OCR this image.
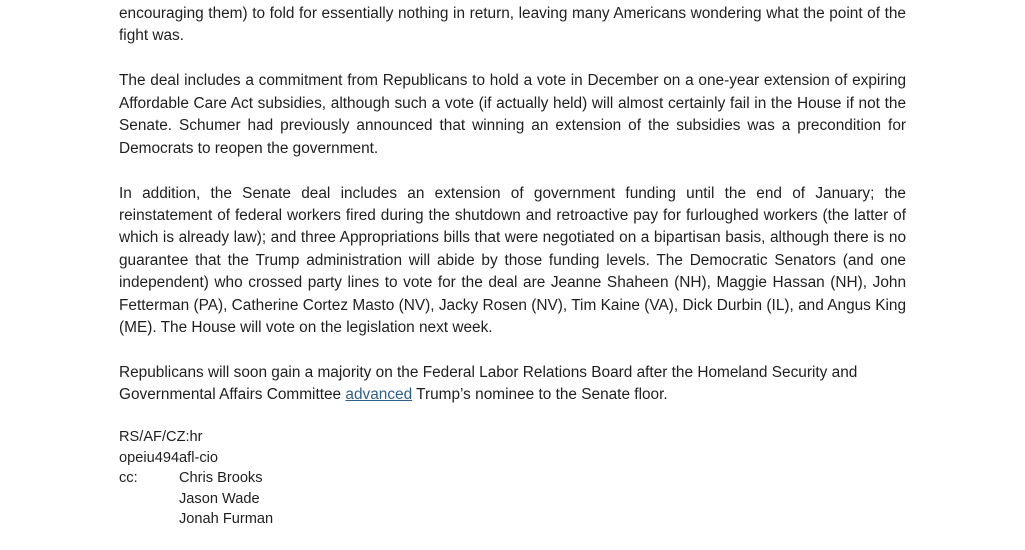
encouraging them) to fold for essentially nothing in return, leaving many Americans wondering what the point of the fight was.

The deal includes a commitment from Republicans to hold a vote in December on a one-year extension of expiring Affordable Care Act subsidies, although such a vote (if actually held) will almost certainly fail in the House if not the Senate. Schumer had previously announced that winning an extension of the subsidies was a precondition for Democrats to reopen the government.

In addition, the Senate deal includes an extension of government funding until the end of January; the reinstatement of federal workers fired during the shutdown and retroactive pay for furloughed workers (the latter of which is already law); and three Appropriations bills that were negotiated on a bipartisan basis, although there is no guarantee that the Trump administration will abide by those funding levels. The Democratic Senators (and one independent) who crossed party lines to vote for the deal are Jeanne Shaheen (NH), Maggie Hassan (NH), John Fetterman (PA), Catherine Cortez Masto (NV), Jacky Rosen (NV), Tim Kaine (VA), Dick Durbin (IL), and Angus King (ME). The House will vote on the legislation next week.

Republicans will soon gain a majority on the Federal Labor Relations Board after the Homeland Security and Governmental Affairs Committee advanced Trump’s nominee to the Senate floor.

RS/AF/CZ:hr
opeiu494afl-cio
cc:	Chris Brooks
Jason Wade
Jonah Furman
